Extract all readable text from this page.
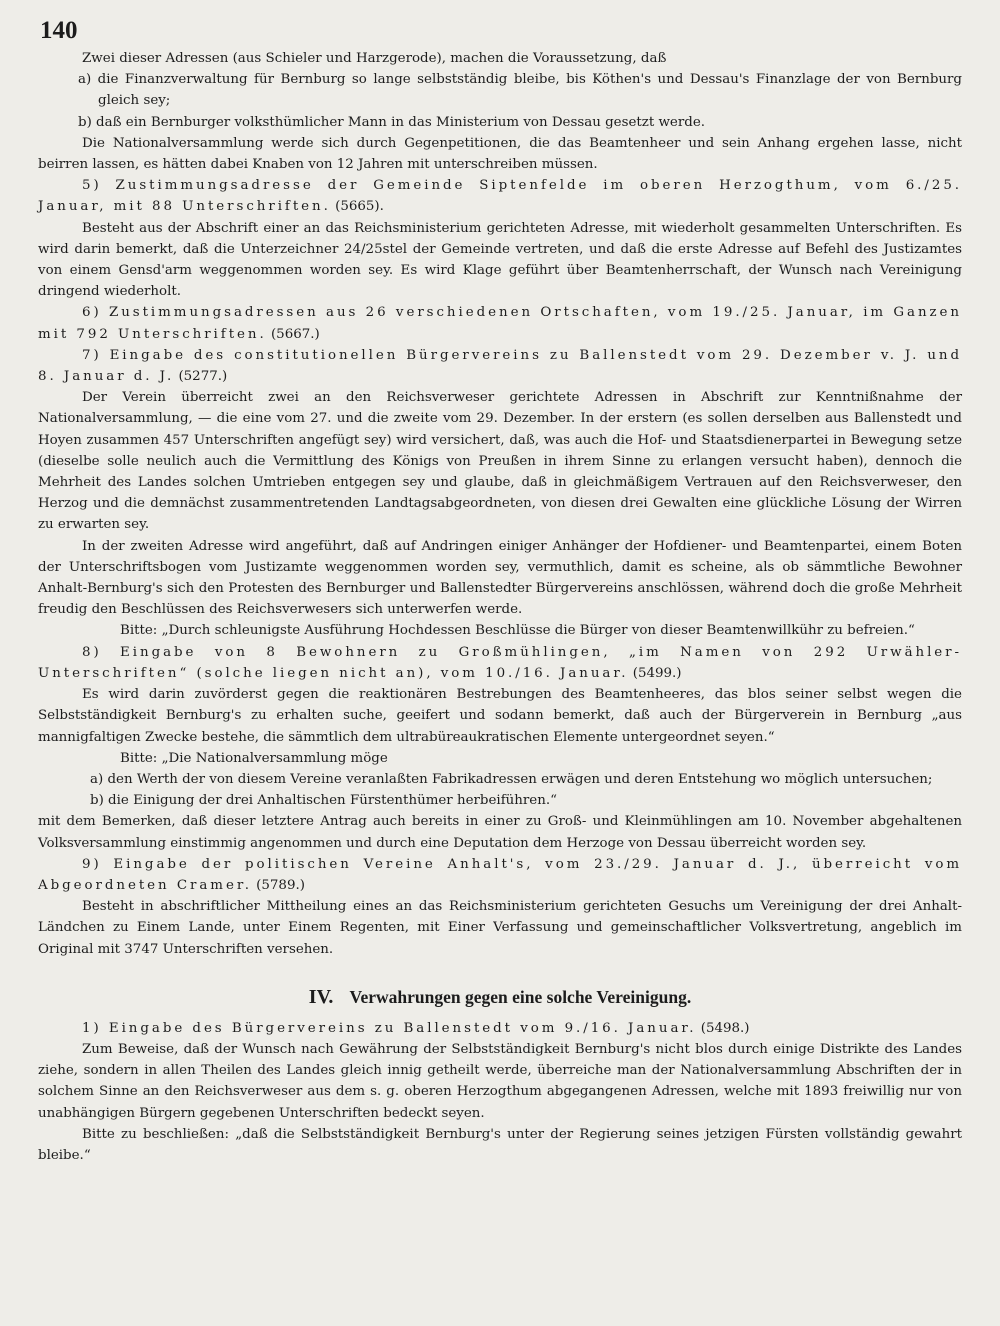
140

Zwei dieser Adressen (aus Schieler und Harzgerode), machen die Voraussetzung, daß

a) die Finanzverwaltung für Bernburg so lange selbstständig bleibe, bis Köthen's und Dessau's Finanzlage der von Bernburg gleich sey;

b) daß ein Bernburger volksthümlicher Mann in das Ministerium von Dessau gesetzt werde.

Die Nationalversammlung werde sich durch Gegenpetitionen, die das Beamtenheer und sein Anhang ergehen lasse, nicht beirren lassen, es hätten dabei Knaben von 12 Jahren mit unterschreiben müssen.

5) Zustimmungsadresse der Gemeinde Siptenfelde im oberen Herzogthum, vom 6./25. Januar, mit 88 Unterschriften. (5665).

Besteht aus der Abschrift einer an das Reichsministerium gerichteten Adresse, mit wiederholt gesammelten Unterschriften. Es wird darin bemerkt, daß die Unterzeichner 24/25stel der Gemeinde vertreten, und daß die erste Adresse auf Befehl des Justizamtes von einem Gensd'arm weggenommen worden sey. Es wird Klage geführt über Beamtenherrschaft, der Wunsch nach Vereinigung dringend wiederholt.

6) Zustimmungsadressen aus 26 verschiedenen Ortschaften, vom 19./25. Januar, im Ganzen mit 792 Unterschriften. (5667.)

7) Eingabe des constitutionellen Bürgervereins zu Ballenstedt vom 29. Dezember v. J. und 8. Januar d. J. (5277.)

Der Verein überreicht zwei an den Reichsverweser gerichtete Adressen in Abschrift zur Kenntnißnahme der Nationalversammlung, — die eine vom 27. und die zweite vom 29. Dezember. In der erstern (es sollen derselben aus Ballenstedt und Hoyen zusammen 457 Unterschriften angefügt sey) wird versichert, daß, was auch die Hof- und Staatsdienerpartei in Bewegung setze (dieselbe solle neulich auch die Vermittlung des Königs von Preußen in ihrem Sinne zu erlangen versucht haben), dennoch die Mehrheit des Landes solchen Umtrieben entgegen sey und glaube, daß in gleichmäßigem Vertrauen auf den Reichsverweser, den Herzog und die demnächst zusammentretenden Landtagsabgeordneten, von diesen drei Gewalten eine glückliche Lösung der Wirren zu erwarten sey.

In der zweiten Adresse wird angeführt, daß auf Andringen einiger Anhänger der Hofdiener- und Beamtenpartei, einem Boten der Unterschriftsbogen vom Justizamte weggenommen worden sey, vermuthlich, damit es scheine, als ob sämmtliche Bewohner Anhalt-Bernburg's sich den Protesten des Bernburger und Ballenstedter Bürgervereins anschlössen, während doch die große Mehrheit freudig den Beschlüssen des Reichsverwesers sich unterwerfen werde.

Bitte: „Durch schleunigste Ausführung Hochdessen Beschlüsse die Bürger von dieser Beamtenwillkühr zu befreien.“

8) Eingabe von 8 Bewohnern zu Großmühlingen, „im Namen von 292 Urwähler-Unterschriften“ (solche liegen nicht an), vom 10./16. Januar. (5499.)

Es wird darin zuvörderst gegen die reaktionären Bestrebungen des Beamtenheeres, das blos seiner selbst wegen die Selbstständigkeit Bernburg's zu erhalten suche, geeifert und sodann bemerkt, daß auch der Bürgerverein in Bernburg „aus mannigfaltigen Zwecke bestehe, die sämmtlich dem ultrabüreaukratischen Elemente untergeordnet seyen.“

Bitte: „Die Nationalversammlung möge

a) den Werth der von diesem Vereine veranlaßten Fabrikadressen erwägen und deren Entstehung wo möglich untersuchen;

b) die Einigung der drei Anhaltischen Fürstenthümer herbeiführen.“

mit dem Bemerken, daß dieser letztere Antrag auch bereits in einer zu Groß- und Kleinmühlingen am 10. November abgehaltenen Volksversammlung einstimmig angenommen und durch eine Deputation dem Herzoge von Dessau überreicht worden sey.

9) Eingabe der politischen Vereine Anhalt's, vom 23./29. Januar d. J., überreicht vom Abgeordneten Cramer. (5789.)

Besteht in abschriftlicher Mittheilung eines an das Reichsministerium gerichteten Gesuchs um Vereinigung der drei Anhalt-Ländchen zu Einem Lande, unter Einem Regenten, mit Einer Verfassung und gemeinschaftlicher Volksvertretung, angeblich im Original mit 3747 Unterschriften versehen.

IV. Verwahrungen gegen eine solche Vereinigung.

1) Eingabe des Bürgervereins zu Ballenstedt vom 9./16. Januar. (5498.)

Zum Beweise, daß der Wunsch nach Gewährung der Selbstständigkeit Bernburg's nicht blos durch einige Distrikte des Landes ziehe, sondern in allen Theilen des Landes gleich innig getheilt werde, überreiche man der Nationalversammlung Abschriften der in solchem Sinne an den Reichsverweser aus dem s. g. oberen Herzogthum abgegangenen Adressen, welche mit 1893 freiwillig nur von unabhängigen Bürgern gegebenen Unterschriften bedeckt seyen.

Bitte zu beschließen: „daß die Selbstständigkeit Bernburg's unter der Regierung seines jetzigen Fürsten vollständig gewahrt bleibe.“
